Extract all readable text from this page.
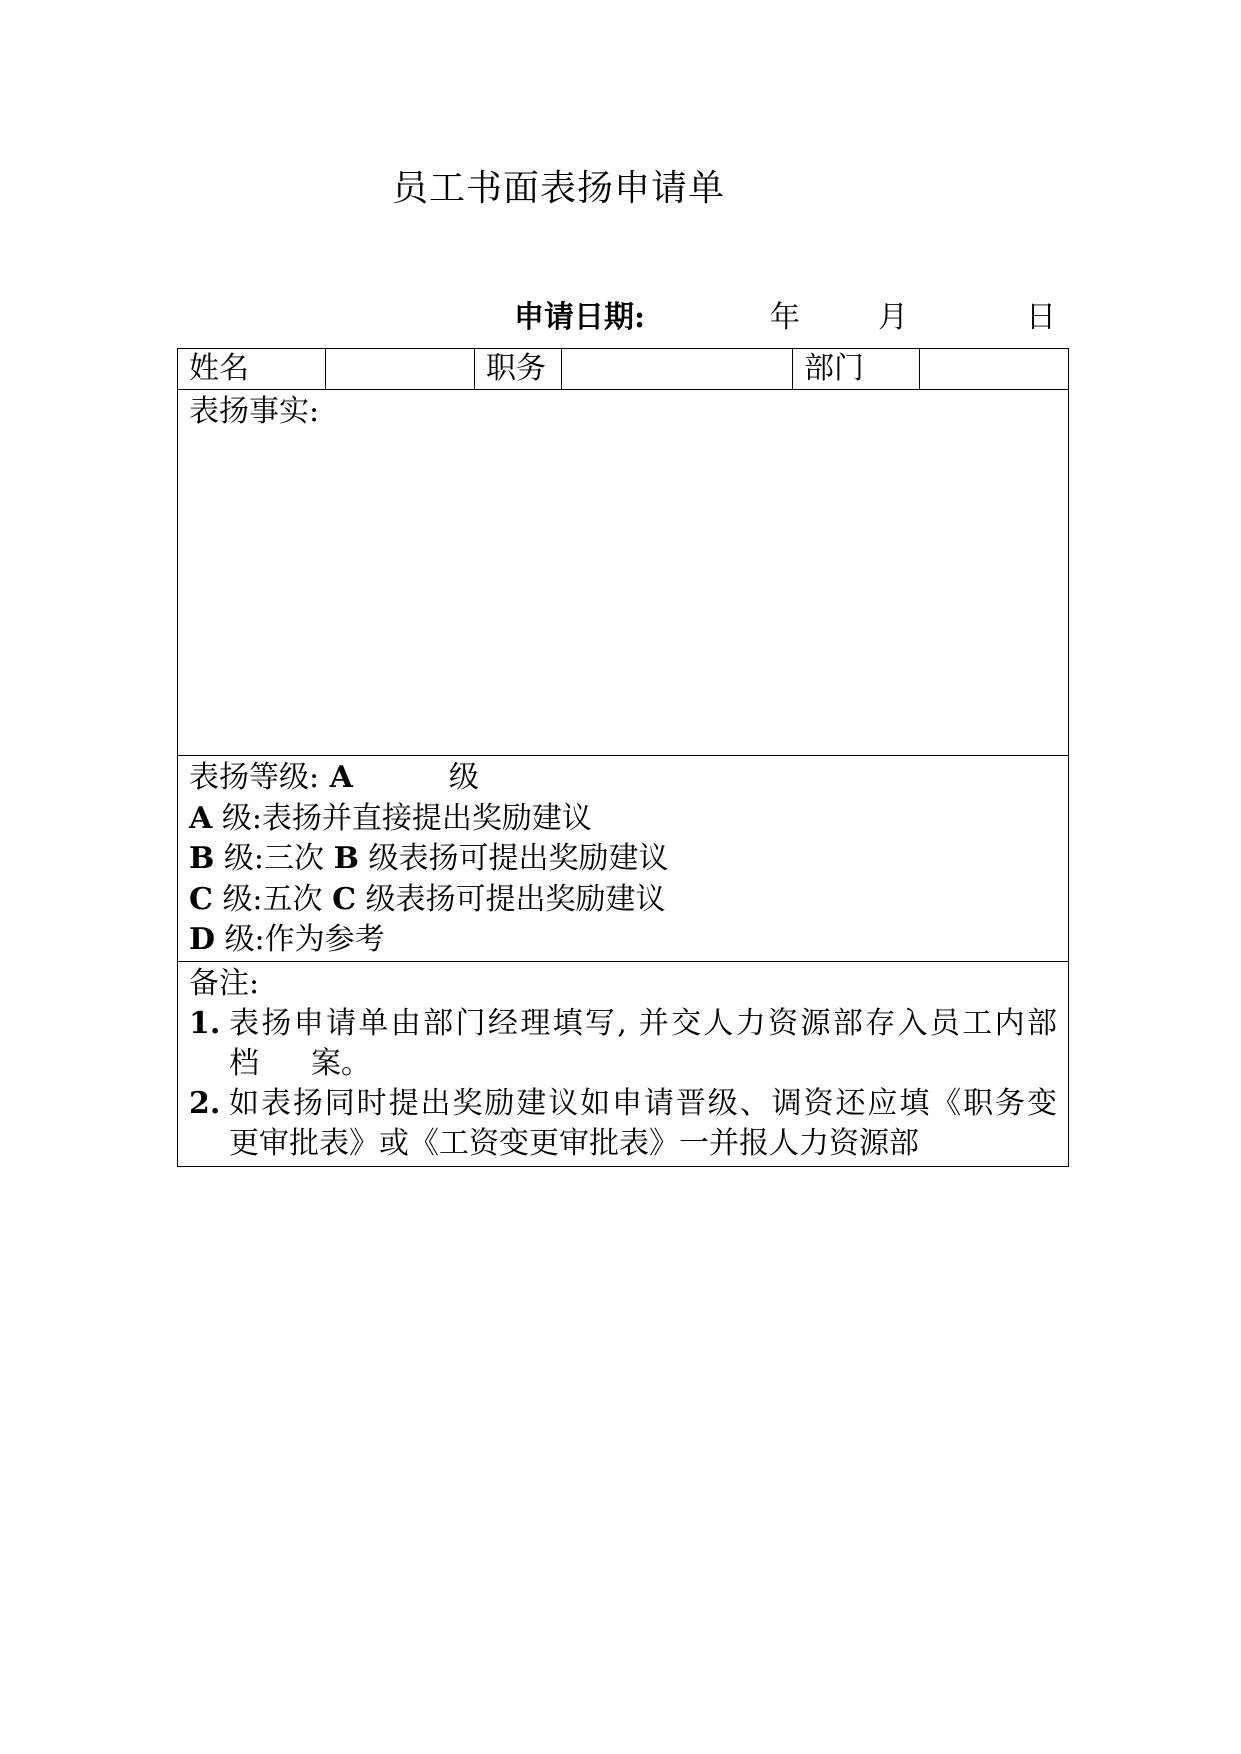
员工书面表扬申请单
申请日期:	年	月	日
姓名	职务	部门
表扬事实:
表扬等级: A	级
A 级:表扬并直接提出奖励建议
B 级:三次 B 级表扬可提出奖励建议
C 级:五次 C 级表扬可提出奖励建议
D 级:作为参考
备注:
1. 表扬申请单由部门经理填写, 并交人力资源部存入员工内部
档 案。
2. 如表扬同时提出奖励建议如申请晋级、调资还应填《职务变
更审批表》或《工资变更审批表》一并报人力资源部
